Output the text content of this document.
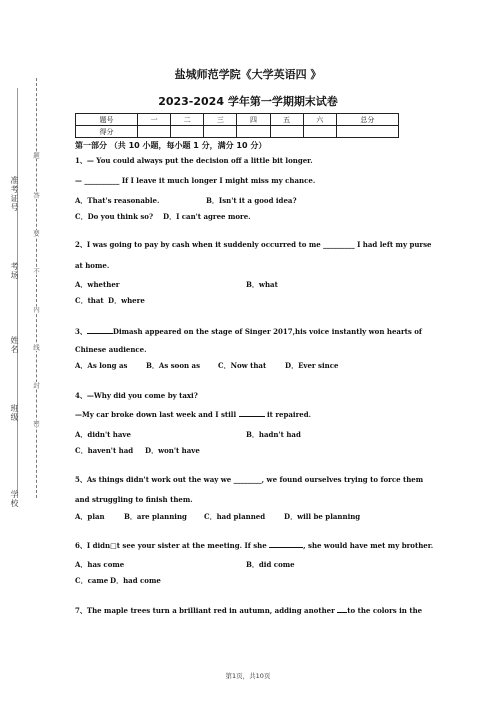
准考证号
考场
姓名
班级
学校
题
答
要
不
内
线
封
密
盐城师范学院《大学英语四 》
2023-2024 学年第一学期期末试卷
题号	一	二	三	四	五	六	总分
得分							
第一部分 （共 10 小题，每小题 1 分，满分 10 分）
1、— You could always put the decision off a little bit longer.
— __________ If I leave it much longer I might miss my chance.
A．That's reasonable.	B．Isn't it a good idea?
C．Do you think so? D．I can't agree more.
2、I was going to pay by cash when it suddenly occurred to me _________ I had left my purse
at home.
A．whether	B．what
C．that D．where
3、	Dimash appeared on the stage of Singer 2017,his voice instantly won hearts of
Chinese audience.
A．As long as	B．As soon as	C．Now that	D．Ever since
4、—Why did you come by taxi?
—My car broke down last week and I still	it repaired.
A．didn't have	B．hadn't had
C．haven't had D．won't have
5、As things didn't work out the way we ________, we found ourselves trying to force them
and struggling to finish them.
A．plan	B．are planning C．had planned	D．will be planning
6、I didn□t see your sister at the meeting. If she	, she would have met my brother.
A．has come	B．did come
C．came D．had come
7、The maple trees turn a brilliant red in autumn, adding another to the colors in the
第1页，共10页
